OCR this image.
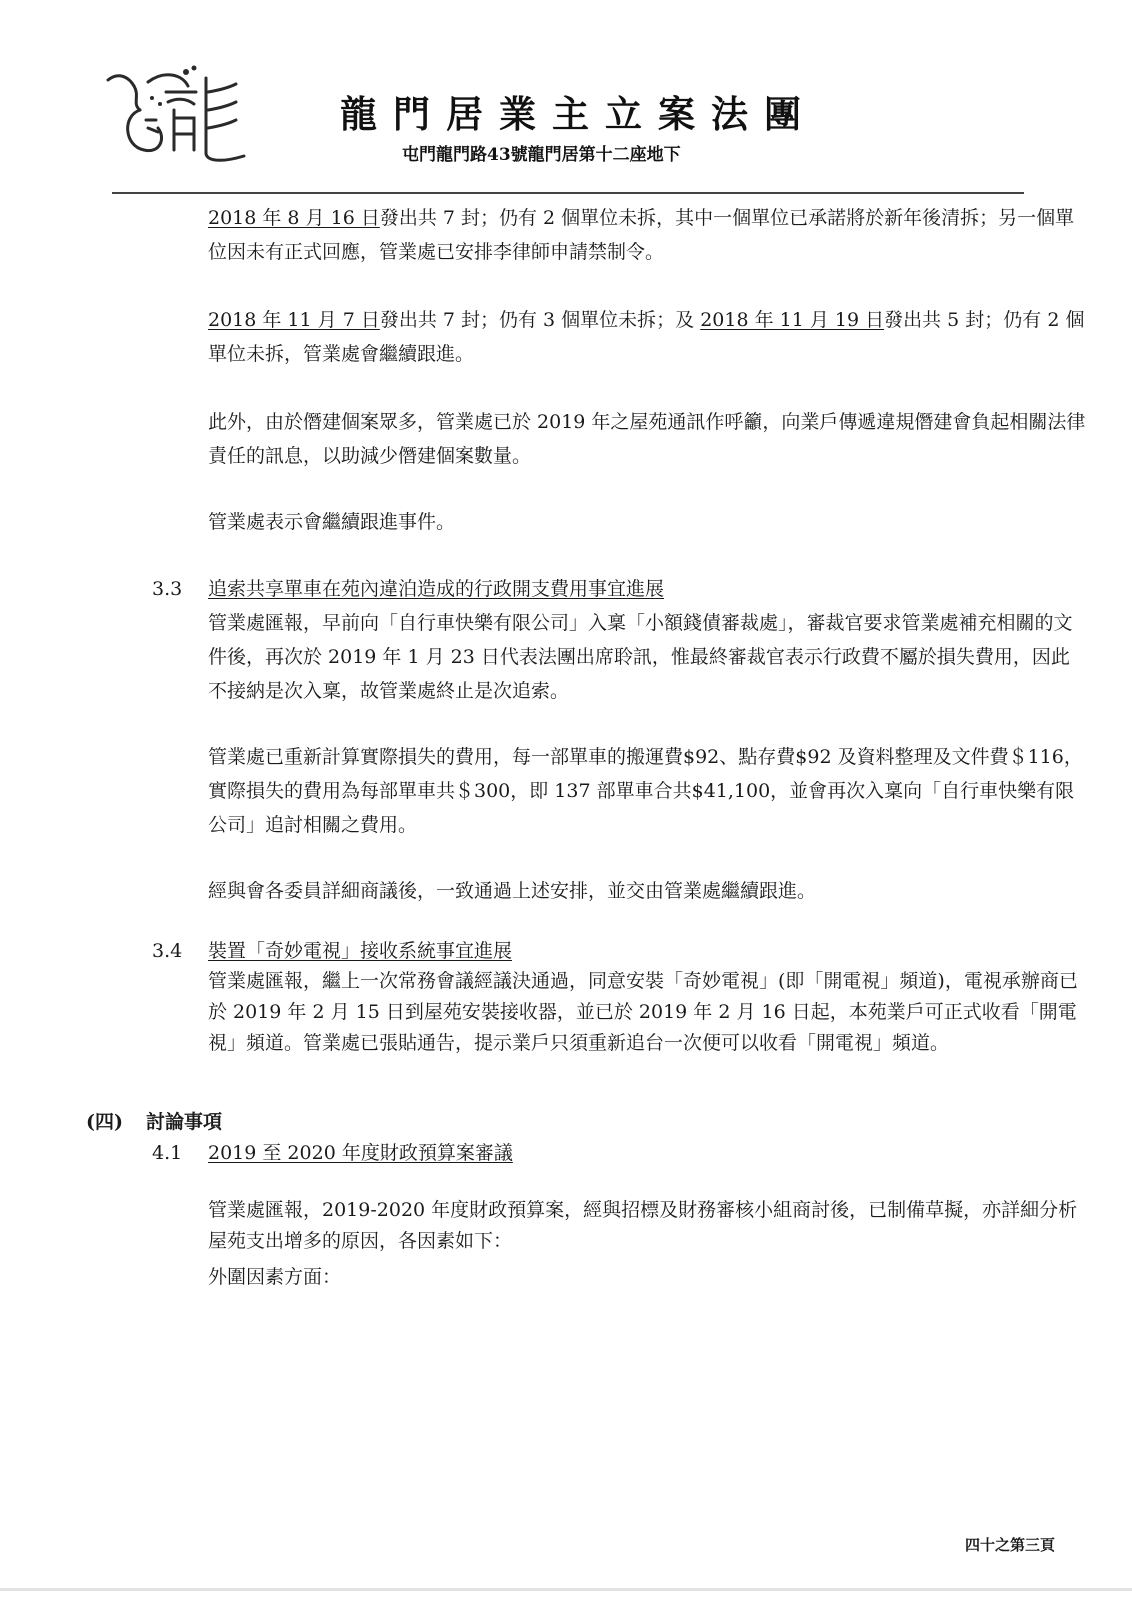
龍門居業主立案法團
屯門龍門路43號龍門居第十二座地下
2018 年 8 月 16 日發出共 7 封；仍有 2 個單位未拆，其中一個單位已承諾將於新年後清拆；另一個單位因未有正式回應，管業處已安排李律師申請禁制令。
2018 年 11 月 7 日發出共 7 封；仍有 3 個單位未拆；及 2018 年 11 月 19 日發出共 5 封；仍有 2 個單位未拆，管業處會繼續跟進。
此外，由於僭建個案眾多，管業處已於 2019 年之屋苑通訊作呼籲，向業戶傳遞違規僭建會負起相關法律責任的訊息，以助減少僭建個案數量。
管業處表示會繼續跟進事件。
3.3 追索共享單車在苑內違泊造成的行政開支費用事宜進展
管業處匯報，早前向「自行車快樂有限公司」入稟「小額錢債審裁處」，審裁官要求管業處補充相關的文件後，再次於 2019 年 1 月 23 日代表法團出席聆訊，惟最終審裁官表示行政費不屬於損失費用，因此不接納是次入稟，故管業處終止是次追索。
管業處已重新計算實際損失的費用，每一部單車的搬運費$92、點存費$92 及資料整理及文件費＄116，實際損失的費用為每部單車共＄300，即 137 部單車合共$41,100，並會再次入稟向「自行車快樂有限公司」追討相關之費用。
經與會各委員詳細商議後，一致通過上述安排，並交由管業處繼續跟進。
3.4 裝置「奇妙電視」接收系統事宜進展
管業處匯報，繼上一次常務會議經議決通過，同意安裝「奇妙電視」(即「開電視」頻道)，電視承辦商已於 2019 年 2 月 15 日到屋苑安裝接收器，並已於 2019 年 2 月 16 日起，本苑業戶可正式收看「開電視」頻道。管業處已張貼通告，提示業戶只須重新追台一次便可以收看「開電視」頻道。
(四) 討論事項
4.1 2019 至 2020 年度財政預算案審議
管業處匯報，2019-2020 年度財政預算案，經與招標及財務審核小組商討後，已制備草擬，亦詳細分析屋苑支出增多的原因，各因素如下：
外圍因素方面：
四十之第三頁
